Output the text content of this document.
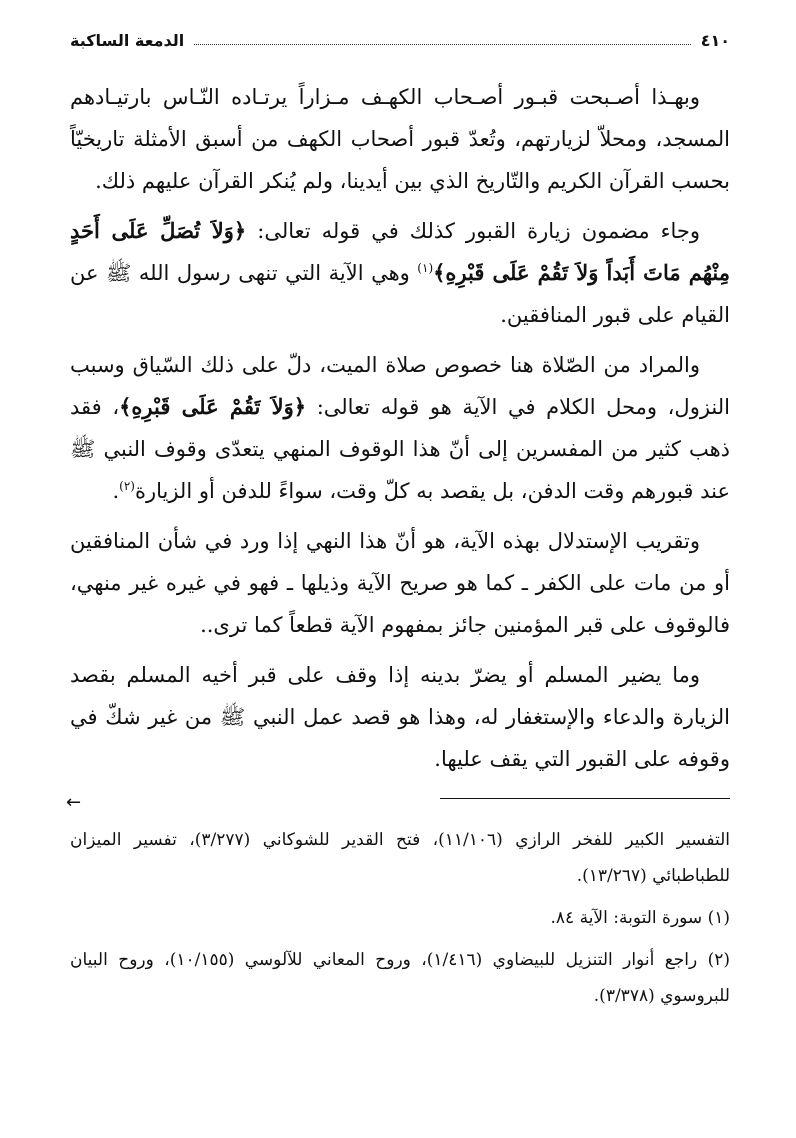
٤١٠
الدمعة الساكبة

وبهـذا أصـبحت قبـور أصـحاب الكهـف مـزاراً يرتـاده النّـاس بارتيـادهم المسجد، ومحلاّ لزيارتهم، وتُعدّ قبور أصحاب الكهف من أسبق الأمثلة تاريخيّاً بحسب القرآن الكريم والتّاريخ الذي بين أيدينا، ولم يُنكر القرآن عليهم ذلك.

وجاء مضمون زيارة القبور كذلك في قوله تعالى: ﴿وَلاَ تُصَلِّ عَلَى أَحَدٍ مِنْهُم مَاتَ أَبَداً وَلاَ تَقُمْ عَلَى قَبْرِهِ﴾$^{(١)}$ وهي الآية التي تنهى رسول الله ﷺ عن القيام على قبور المنافقين.

والمراد من الصّلاة هنا خصوص صلاة الميت، دلّ على ذلك السّياق وسبب النزول، ومحل الكلام في الآية هو قوله تعالى: ﴿وَلاَ تَقُمْ عَلَى قَبْرِهِ﴾، فقد ذهب كثير من المفسرين إلى أنّ هذا الوقوف المنهي يتعدّى وقوف النبي ﷺ عند قبورهم وقت الدفن، بل يقصد به كلّ وقت، سواءً للدفن أو الزيارة$^{(٢)}$.

وتقريب الإستدلال بهذه الآية، هو أنّ هذا النهي إذا ورد في شأن المنافقين أو من مات على الكفر ـ كما هو صريح الآية وذيلها ـ فهو في غيره غير منهي، فالوقوف على قبر المؤمنين جائز بمفهوم الآية قطعاً كما ترى..

وما يضير المسلم أو يضرّ بدينه إذا وقف على قبر أخيه المسلم بقصد الزيارة والدعاء والإستغفار له، وهذا هو قصد عمل النبي ﷺ من غير شكّ في وقوفه على القبور التي يقف عليها.

←

التفسير الكبير للفخر الرازي (١١/١٠٦)، فتح القدير للشوكاني (٣/٢٧٧)، تفسير الميزان للطباطبائي (١٣/٢٦٧).

(١) سورة التوبة: الآية ٨٤.

(٢) راجع أنوار التنزيل للبيضاوي (١/٤١٦)، وروح المعاني للآلوسي (١٠/١٥٥)، وروح البيان للبروسوي (٣/٣٧٨).
